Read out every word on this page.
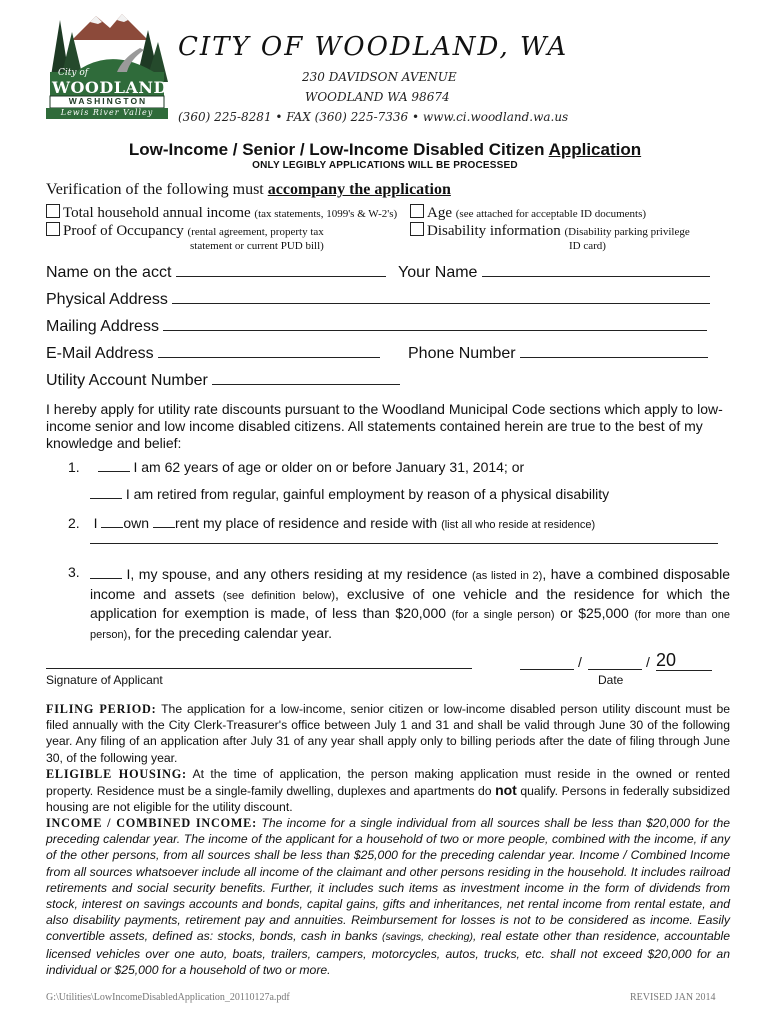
City of
WOODLAND
WASHINGTON
Lewis River Valley
CITY OF WOODLAND, WA
230 DAVIDSON AVENUE
WOODLAND WA 98674
(360) 225-8281 • FAX (360) 225-7336 • www.ci.woodland.wa.us
Low-Income / Senior / Low-Income Disabled Citizen Application
ONLY LEGIBLY APPLICATIONS WILL BE PROCESSED
Verification of the following must accompany the application
Total household annual income (tax statements, 1099's & W-2's)
Proof of Occupancy (rental agreement, property tax
statement or current PUD bill)
Age (see attached for acceptable ID documents)
Disability information (Disability parking privilege
ID card)
Name on the acct	Your Name
Physical Address
Mailing Address
E-Mail Address	Phone Number
Utility Account Number
I hereby apply for utility rate discounts pursuant to the Woodland Municipal Code sections which apply to low-income senior and low income disabled citizens. All statements contained herein are true to the best of my knowledge and belief:
1.	I am 62 years of age or older on or before January 31, 2014; or
I am retired from regular, gainful employment by reason of a physical disability
2. I own rent my place of residence and reside with (list all who reside at residence)
3.	I, my spouse, and any others residing at my residence (as listed in 2), have a combined disposable income and assets (see definition below), exclusive of one vehicle and the residence for which the application for exemption is made, of less than $20,000 (for a single person) or $25,000 (for more than one person), for the preceding calendar year.
Signature of Applicant
/	/ 20
Date
FILING PERIOD: The application for a low-income, senior citizen or low-income disabled person utility discount must be filed annually with the City Clerk-Treasurer's office between July 1 and 31 and shall be valid through June 30 of the following year. Any filing of an application after July 31 of any year shall apply only to billing periods after the date of filing through June 30, of the following year.
ELIGIBLE HOUSING: At the time of application, the person making application must reside in the owned or rented property. Residence must be a single-family dwelling, duplexes and apartments do not qualify. Persons in federally subsidized housing are not eligible for the utility discount.
INCOME / COMBINED INCOME: The income for a single individual from all sources shall be less than $20,000 for the preceding calendar year. The income of the applicant for a household of two or more people, combined with the income, if any of the other persons, from all sources shall be less than $25,000 for the preceding calendar year. Income / Combined Income from all sources whatsoever include all income of the claimant and other persons residing in the household. It includes railroad retirements and social security benefits. Further, it includes such items as investment income in the form of dividends from stock, interest on savings accounts and bonds, capital gains, gifts and inheritances, net rental income from rental estate, and also disability payments, retirement pay and annuities. Reimbursement for losses is not to be considered as income. Easily convertible assets, defined as: stocks, bonds, cash in banks (savings, checking), real estate other than residence, accountable licensed vehicles over one auto, boats, trailers, campers, motorcycles, autos, trucks, etc. shall not exceed $20,000 for an individual or $25,000 for a household of two or more.
G:\Utilities\LowIncomeDisabledApplication_20110127a.pdf	REVISED JAN 2014
